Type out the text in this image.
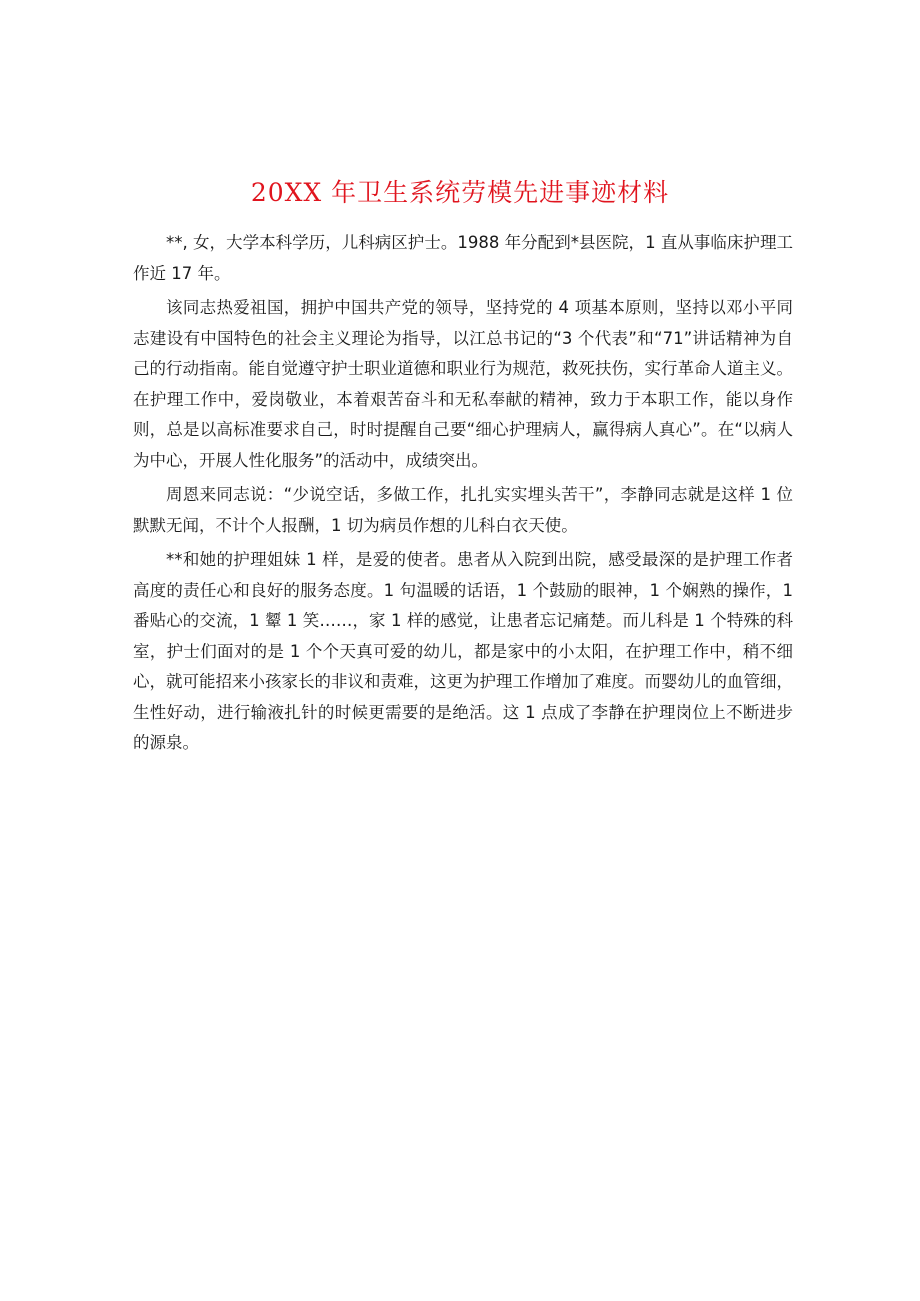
20XX 年卫生系统劳模先进事迹材料

**, 女，大学本科学历，儿科病区护士。1988 年分配到*县医院，1 直从事临床护理工作近 17 年。

该同志热爱祖国，拥护中国共产党的领导，坚持党的 4 项基本原则，坚持以邓小平同志建设有中国特色的社会主义理论为指导，以江总书记的“3 个代表”和“71”讲话精神为自己的行动指南。能自觉遵守护士职业道德和职业行为规范，救死扶伤，实行革命人道主义。在护理工作中，爱岗敬业，本着艰苦奋斗和无私奉献的精神，致力于本职工作，能以身作则，总是以高标准要求自己，时时提醒自己要“细心护理病人，赢得病人真心”。在“以病人为中心，开展人性化服务”的活动中，成绩突出。

周恩来同志说：“少说空话，多做工作，扎扎实实埋头苦干”，李静同志就是这样 1 位默默无闻，不计个人报酬，1 切为病员作想的儿科白衣天使。

**和她的护理姐妹 1 样，是爱的使者。患者从入院到出院，感受最深的是护理工作者高度的责任心和良好的服务态度。1 句温暖的话语，1 个鼓励的眼神，1 个娴熟的操作，1 番贴心的交流，1 颦 1 笑……，家 1 样的感觉，让患者忘记痛楚。而儿科是 1 个特殊的科室，护士们面对的是 1 个个天真可爱的幼儿，都是家中的小太阳，在护理工作中，稍不细心，就可能招来小孩家长的非议和责难，这更为护理工作增加了难度。而婴幼儿的血管细，生性好动，进行输液扎针的时候更需要的是绝活。这 1 点成了李静在护理岗位上不断进步的源泉。
